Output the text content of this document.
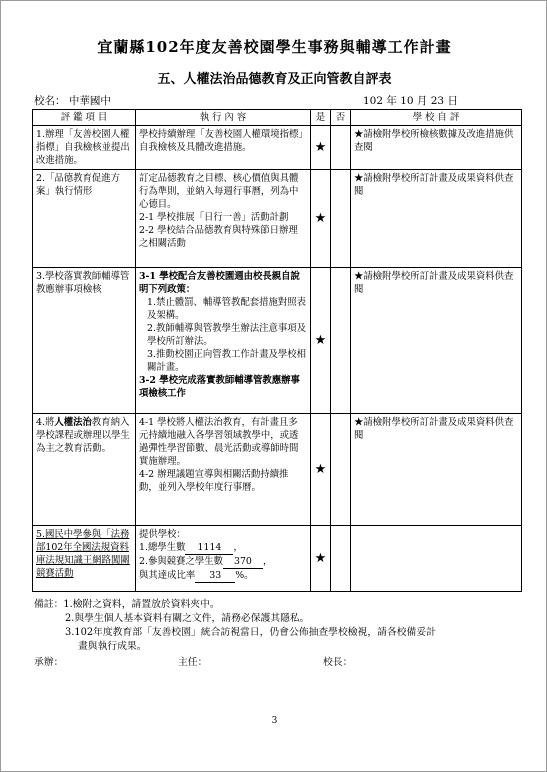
宜蘭縣102年度友善校園學生事務與輔導工作計畫
五、人權法治品德教育及正向管教自評表
校名： 中華國中	102 年 10 月 23 日
評 鑑 項 目	執 行 內 容	是	否	學 校 自 評
1.辦理「友善校園人權指標」自我檢核並提出改進措施。	學校持續辦理「友善校園人權環境指標」自我檢核及具體改進措施。	★		★請檢附學校所檢核數據及改進措施供查閱
2.「品德教育促進方案」執行情形	訂定品德教育之目標、核心價值與具體行為準則，並納入每週行事曆，列為中心德目。
2-1 學校推展「日行一善」活動計劃
2-2 學校結合品德教育與特殊節日辦理之相關活動	★		★請檢附學校所訂計畫及成果資料供查閱
3.學校落實教師輔導管教應辦事項檢核	3-1 學校配合友善校園週由校長親自說明下列政策：
1.禁止體罰、輔導管教配套措施對照表及架構。
2.教師輔導與管教學生辦法注意事項及學校所訂辦法。
3.推動校園正向管教工作計畫及學校相關計畫。
3-2 學校完成落實教師輔導管教應辦事項檢核工作	★		★請檢附學校所訂計畫及成果資料供查閱
4.將人權法治教育納入學校課程或辦理以學生為主之教育活動。	4-1 學校將人權法治教育，有計畫且多元持續地融入各學習領域教學中，或透過彈性學習節數、晨光活動或導師時間實施辦理。
4-2 辦理議題宣導與相關活動持續推動，並列入學校年度行事曆。	★		★請檢附學校所訂計畫及成果資料供查閱
5.國民中學參與「法務部102年全國法規資料庫法規知識王網路闖關競賽活動	提供學校：
1.總學生數 1114 ，
2.參與競賽之學生數 370 ，
與其達成比率 33 %。	★		
備註：1.檢附之資料，請置放於資料夾中。
2.與學生個人基本資料有關之文件，請務必保護其隱私。
3.102年度教育部「友善校園」統合訪視當日，仍會公佈抽查學校檢視，請各校備妥計
畫與執行成果。
承辦：	主任：	校長：
3
